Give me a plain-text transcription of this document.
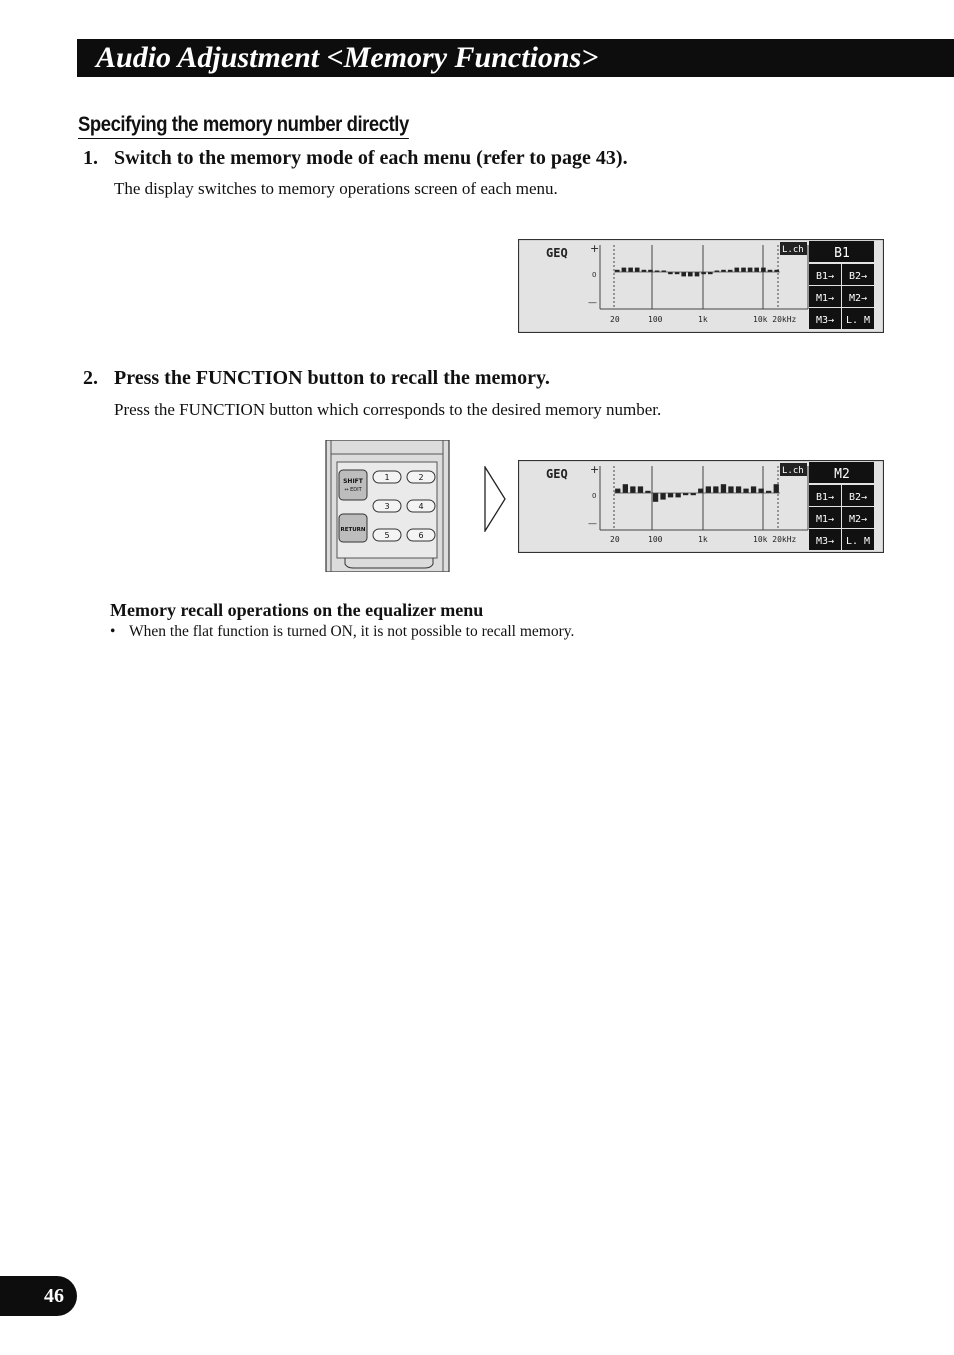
Audio Adjustment <Memory Functions>
Specifying the memory number directly
1. Switch to the memory mode of each menu (refer to page 43).
The display switches to memory operations screen of each menu.
GEQ +
0
—
20	100	1k	10k 20kHz
L.ch B1
B1→ B2→
M1→ M2→
M3→ L. M
2. Press the FUNCTION button to recall the memory.
Press the FUNCTION button which corresponds to the desired memory number.
SHIFT
↔ EDIT
RETURN
1	2
3	4
5	6
GEQ +
0
—
20	100	1k	10k 20kHz
L.ch M2
B1→ B2→
M1→ M2→
M3→ L. M
Memory recall operations on the equalizer menu
• When the flat function is turned ON, it is not possible to recall memory.
46
